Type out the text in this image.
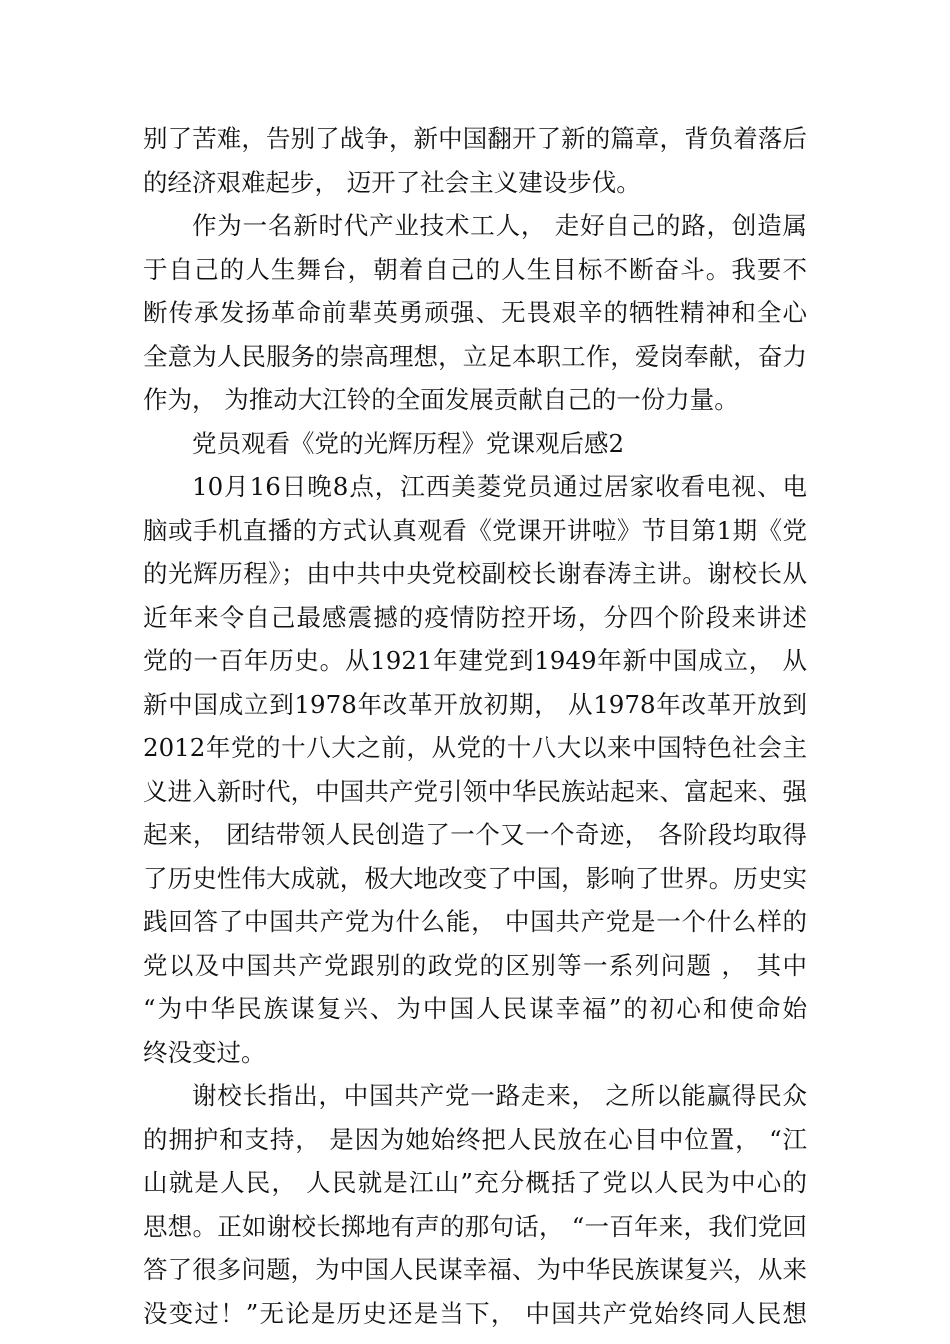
别了苦难，告别了战争，新中国翻开了新的篇章，背负着落后
的经济艰难起步， 迈开了社会主义建设步伐。
作为一名新时代产业技术工人， 走好自己的路，创造属
于自己的人生舞台，朝着自己的人生目标不断奋斗。我要不
断传承发扬革命前辈英勇顽强、无畏艰辛的牺牲精神和全心
全意为人民服务的崇高理想，立足本职工作，爱岗奉献，奋力
作为， 为推动大江铃的全面发展贡献自己的一份力量。
党员观看《党的光辉历程》党课观后感2
10月16日晚8点，江西美菱党员通过居家收看电视、电
脑或手机直播的方式认真观看《党课开讲啦》节目第1期《党
的光辉历程》；由中共中央党校副校长谢春涛主讲。谢校长从
近年来令自己最感震撼的疫情防控开场，分四个阶段来讲述
党的一百年历史。从1921年建党到1949年新中国成立， 从
新中国成立到1978年改革开放初期， 从1978年改革开放到
2012年党的十八大之前，从党的十八大以来中国特色社会主
义进入新时代，中国共产党引领中华民族站起来、富起来、强
起来， 团结带领人民创造了一个又一个奇迹， 各阶段均取得
了历史性伟大成就，极大地改变了中国，影响了世界。历史实
践回答了中国共产党为什么能， 中国共产党是一个什么样的
党以及中国共产党跟别的政党的区别等一系列问题 ， 其中
“为中华民族谋复兴、为中国人民谋幸福”的初心和使命始
终没变过。
谢校长指出，中国共产党一路走来， 之所以能赢得民众
的拥护和支持， 是因为她始终把人民放在心目中位置， “江
山就是人民， 人民就是江山”充分概括了党以人民为中心的
思想。正如谢校长掷地有声的那句话， “一百年来，我们党回
答了很多问题，为中国人民谋幸福、为中华民族谋复兴，从来
没变过！”无论是历史还是当下， 中国共产党始终同人民想
